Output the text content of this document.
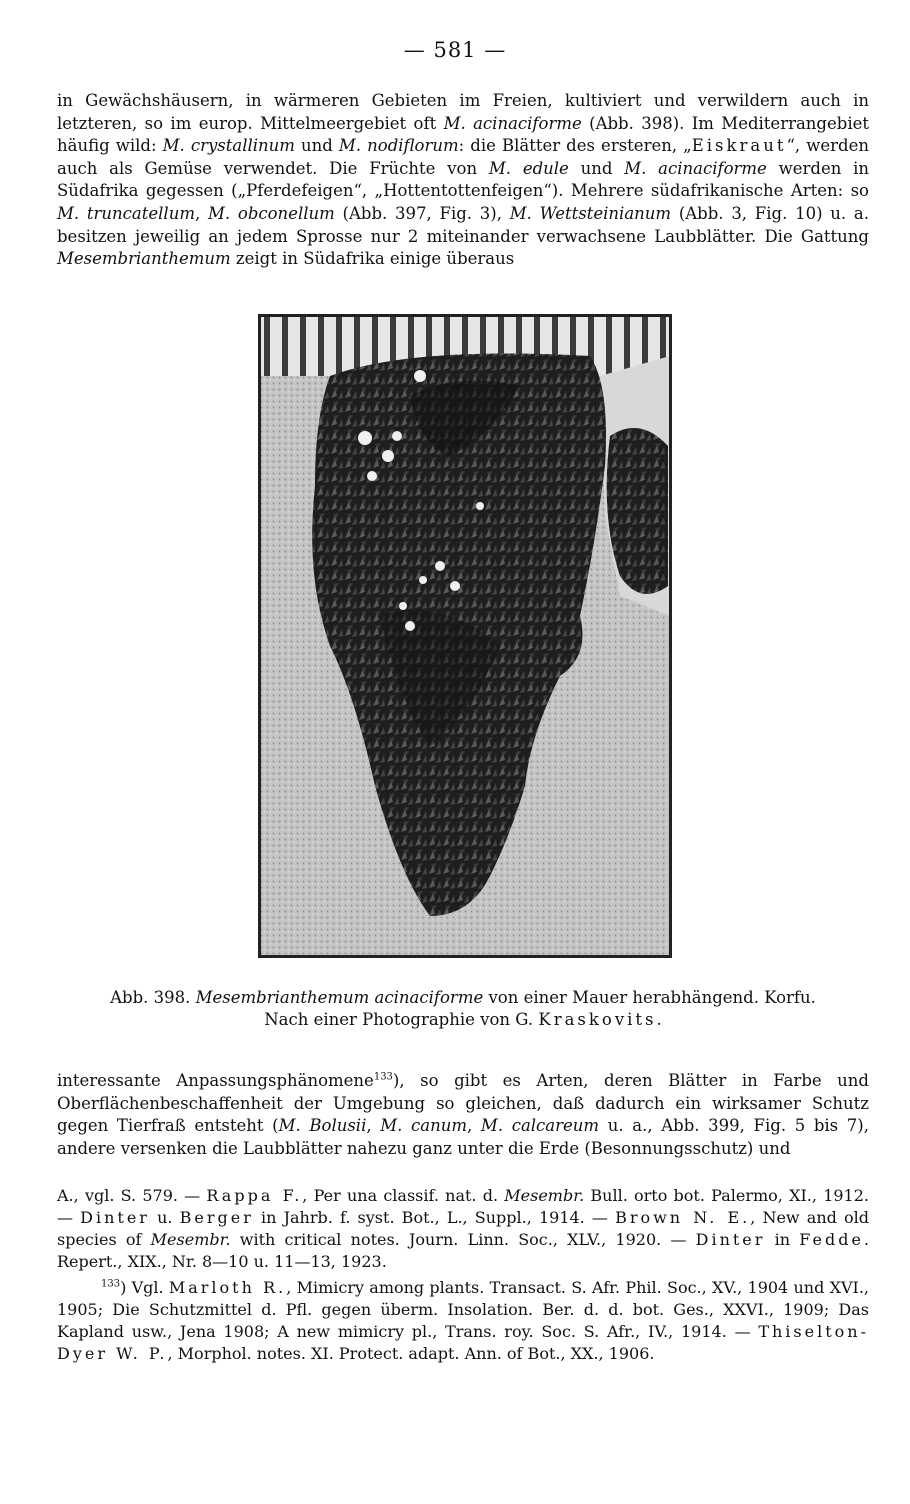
— 581 —

in Gewächshäusern, in wärmeren Gebieten im Freien, kultiviert und verwildern auch in letzteren, so im europ. Mittelmeergebiet oft M. acinaciforme (Abb. 398). Im Mediterrangebiet häufig wild: M. crystallinum und M. nodiflorum: die Blätter des ersteren, „Eiskraut“, werden auch als Gemüse verwendet. Die Früchte von M. edule und M. acinaciforme werden in Südafrika gegessen („Pferdefeigen“, „Hottentottenfeigen“). Mehrere südafrikanische Arten: so M. truncatellum, M. obconellum (Abb. 397, Fig. 3), M. Wettsteinianum (Abb. 3, Fig. 10) u. a. besitzen jeweilig an jedem Sprosse nur 2 miteinander verwachsene Laubblätter. Die Gattung Mesembrianthemum zeigt in Südafrika einige überaus

Abb. 398. Mesembrianthemum acinaciforme von einer Mauer herabhängend. Korfu.
Nach einer Photographie von G. Kraskovits.

interessante Anpassungsphänomene$^{133}$), so gibt es Arten, deren Blätter in Farbe und Oberflächenbeschaffenheit der Umgebung so gleichen, daß dadurch ein wirksamer Schutz gegen Tierfraß entsteht (M. Bolusii, M. canum, M. calcareum u. a., Abb. 399, Fig. 5 bis 7), andere versenken die Laubblätter nahezu ganz unter die Erde (Besonnungsschutz) und

A., vgl. S. 579. — Rappa F., Per una classif. nat. d. Mesembr. Bull. orto bot. Palermo, XI., 1912. — Dinter u. Berger in Jahrb. f. syst. Bot., L., Suppl., 1914. — Brown N. E., New and old species of Mesembr. with critical notes. Journ. Linn. Soc., XLV., 1920. — Dinter in Fedde. Repert., XIX., Nr. 8—10 u. 11—13, 1923.

$^{133}$) Vgl. Marloth R., Mimicry among plants. Transact. S. Afr. Phil. Soc., XV., 1904 und XVI., 1905; Die Schutzmittel d. Pfl. gegen überm. Insolation. Ber. d. d. bot. Ges., XXVI., 1909; Das Kapland usw., Jena 1908; A new mimicry pl., Trans. roy. Soc. S. Afr., IV., 1914. — Thiselton-Dyer W. P., Morphol. notes. XI. Protect. adapt. Ann. of Bot., XX., 1906.
